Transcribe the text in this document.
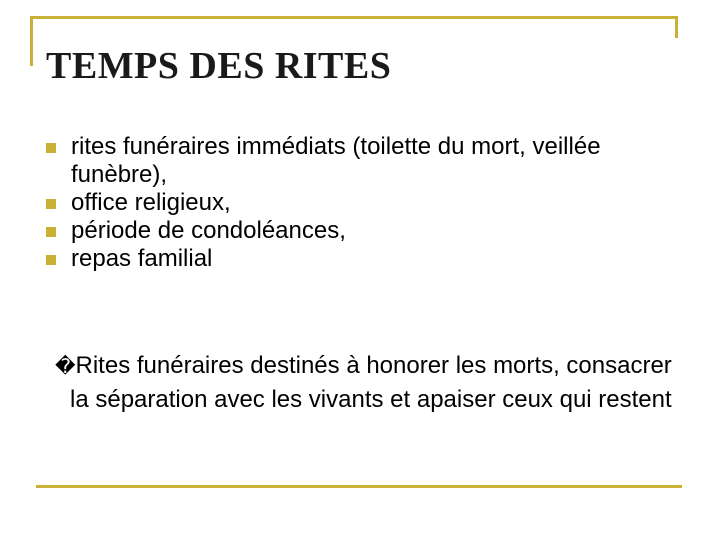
TEMPS DES RITES
rites funéraires immédiats (toilette du mort, veillée funèbre),
office religieux,
période de condoléances,
repas familial

�Rites funéraires destinés à honorer les morts, consacrer la séparation avec les vivants et apaiser ceux qui restent
